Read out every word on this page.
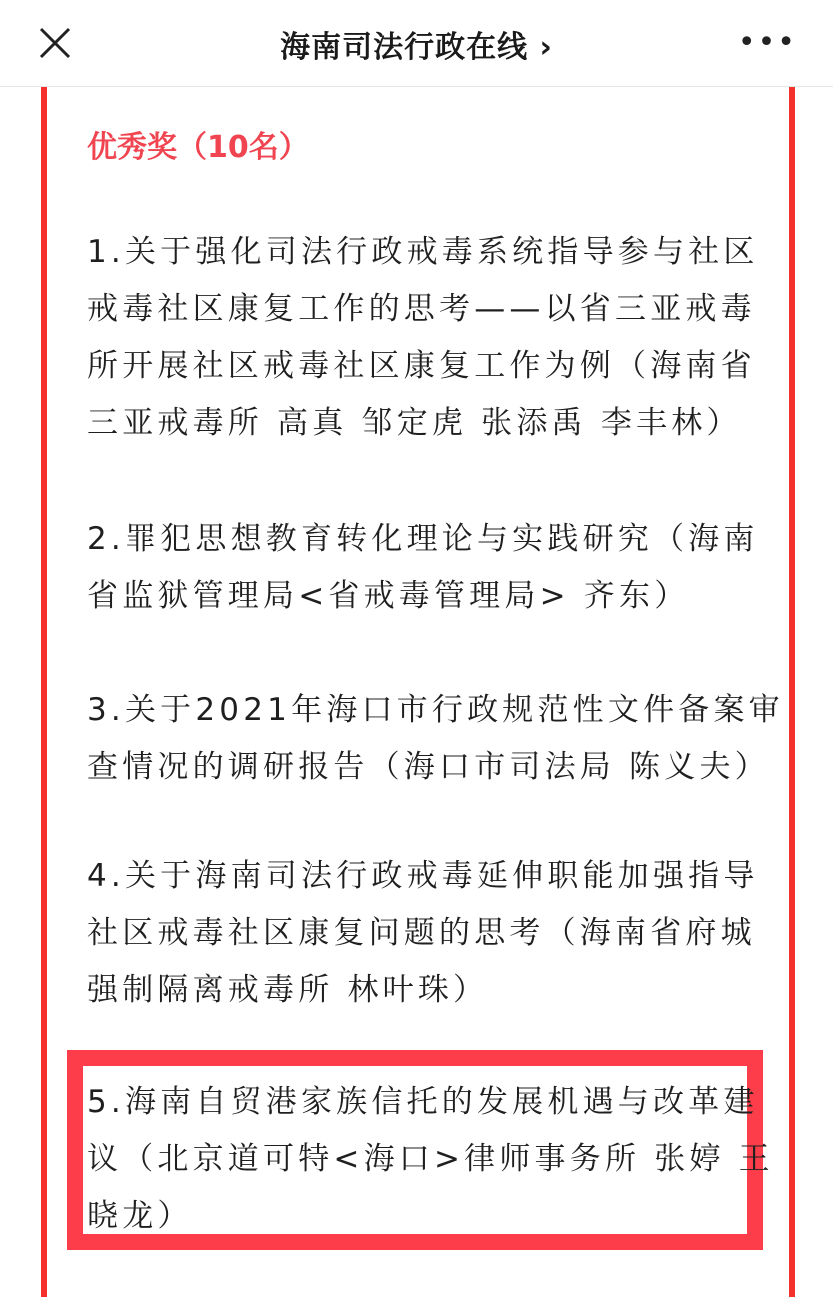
海南司法行政在线 ›	•••
优秀奖（10名）
1.关于强化司法行政戒毒系统指导参与社区
戒毒社区康复工作的思考——以省三亚戒毒
所开展社区戒毒社区康复工作为例（海南省
三亚戒毒所 高真 邹定虎 张添禹 李丰林）
2.罪犯思想教育转化理论与实践研究（海南
省监狱管理局<省戒毒管理局> 齐东）
3.关于2021年海口市行政规范性文件备案审
查情况的调研报告（海口市司法局 陈义夫）
4.关于海南司法行政戒毒延伸职能加强指导
社区戒毒社区康复问题的思考（海南省府城
强制隔离戒毒所 林叶珠）
5.海南自贸港家族信托的发展机遇与改革建
议（北京道可特<海口>律师事务所 张婷 王
晓龙）
